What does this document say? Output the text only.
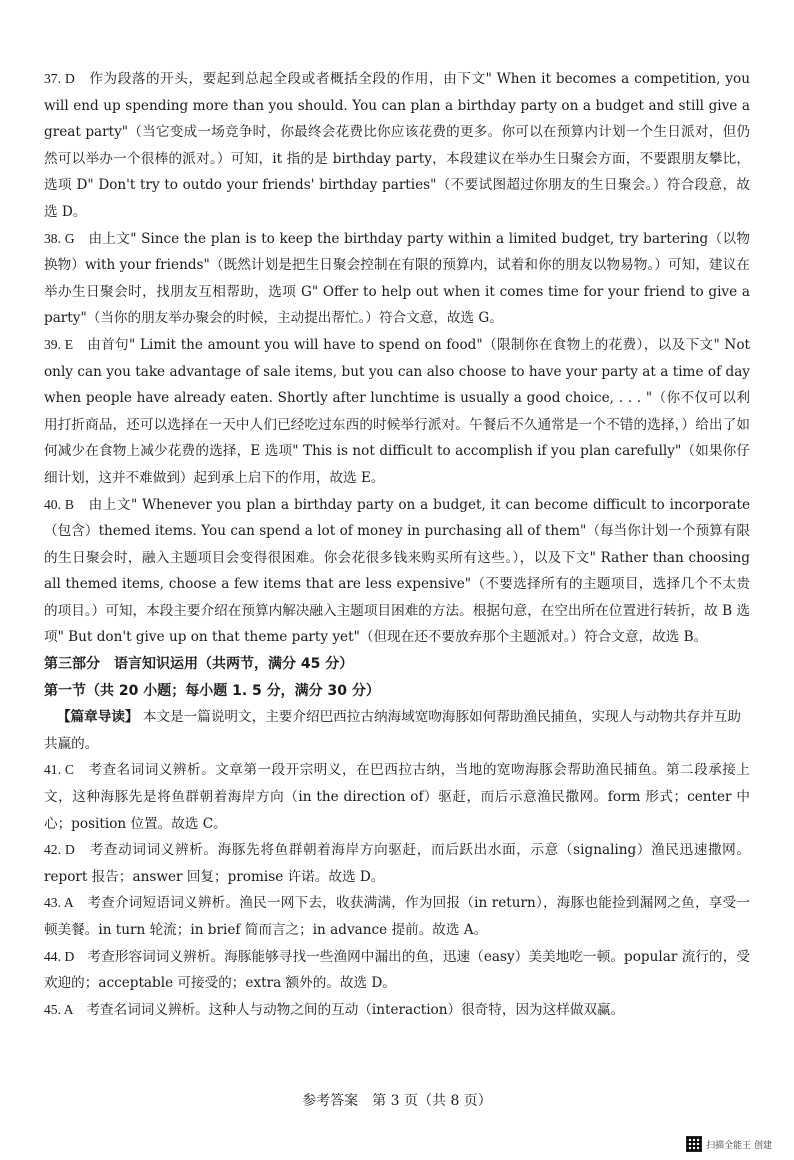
37. D 作为段落的开头，要起到总起全段或者概括全段的作用，由下文" When it becomes a competition, you will end up spending more than you should. You can plan a birthday party on a budget and still give a great party"（当它变成一场竞争时，你最终会花费比你应该花费的更多。你可以在预算内计划一个生日派对，但仍然可以举办一个很棒的派对。）可知，it 指的是 birthday party，本段建议在举办生日聚会方面，不要跟朋友攀比，选项 D" Don't try to outdo your friends' birthday parties"（不要试图超过你朋友的生日聚会。）符合段意，故选 D。

38. G 由上文" Since the plan is to keep the birthday party within a limited budget, try bartering（以物换物）with your friends"（既然计划是把生日聚会控制在有限的预算内，试着和你的朋友以物易物。）可知，建议在举办生日聚会时，找朋友互相帮助，选项 G" Offer to help out when it comes time for your friend to give a party"（当你的朋友举办聚会的时候，主动提出帮忙。）符合文意，故选 G。

39. E 由首句" Limit the amount you will have to spend on food"（限制你在食物上的花费），以及下文" Not only can you take advantage of sale items, but you can also choose to have your party at a time of day when people have already eaten. Shortly after lunchtime is usually a good choice, . . . "（你不仅可以利用打折商品，还可以选择在一天中人们已经吃过东西的时候举行派对。午餐后不久通常是一个不错的选择，）给出了如何减少在食物上减少花费的选择，E 选项" This is not difficult to accomplish if you plan carefully"（如果你仔细计划，这并不难做到）起到承上启下的作用，故选 E。

40. B 由上文" Whenever you plan a birthday party on a budget, it can become difficult to incorporate（包含）themed items. You can spend a lot of money in purchasing all of them"（每当你计划一个预算有限的生日聚会时，融入主题项目会变得很困难。你会花很多钱来购买所有这些。），以及下文" Rather than choosing all themed items, choose a few items that are less expensive"（不要选择所有的主题项目，选择几个不太贵的项目。）可知，本段主要介绍在预算内解决融入主题项目困难的方法。根据句意，在空出所在位置进行转折，故 B 选项" But don't give up on that theme party yet"（但现在还不要放弃那个主题派对。）符合文意，故选 B。

第三部分　语言知识运用（共两节，满分 45 分）

第一节（共 20 小题；每小题 1. 5 分，满分 30 分）

【篇章导读】 本文是一篇说明文，主要介绍巴西拉古纳海域宽吻海豚如何帮助渔民捕鱼，实现人与动物共存并互助共赢的。

41. C 考查名词词义辨析。文章第一段开宗明义，在巴西拉古纳，当地的宽吻海豚会帮助渔民捕鱼。第二段承接上文，这种海豚先是将鱼群朝着海岸方向（in the direction of）驱赶，而后示意渔民撒网。form 形式；center 中心；position 位置。故选 C。

42. D 考查动词词义辨析。海豚先将鱼群朝着海岸方向驱赶，而后跃出水面，示意（signaling）渔民迅速撒网。report 报告；answer 回复；promise 许诺。故选 D。

43. A 考查介词短语词义辨析。渔民一网下去，收获满满，作为回报（in return），海豚也能捡到漏网之鱼，享受一顿美餐。in turn 轮流；in brief 简而言之；in advance 提前。故选 A。

44. D 考查形容词词义辨析。海豚能够寻找一些渔网中漏出的鱼，迅速（easy）美美地吃一顿。popular 流行的，受欢迎的；acceptable 可接受的；extra 额外的。故选 D。

45. A 考查名词词义辨析。这种人与动物之间的互动（interaction）很奇特，因为这样做双赢。

参考答案　第 3 页（共 8 页）
扫描全能王 创建
